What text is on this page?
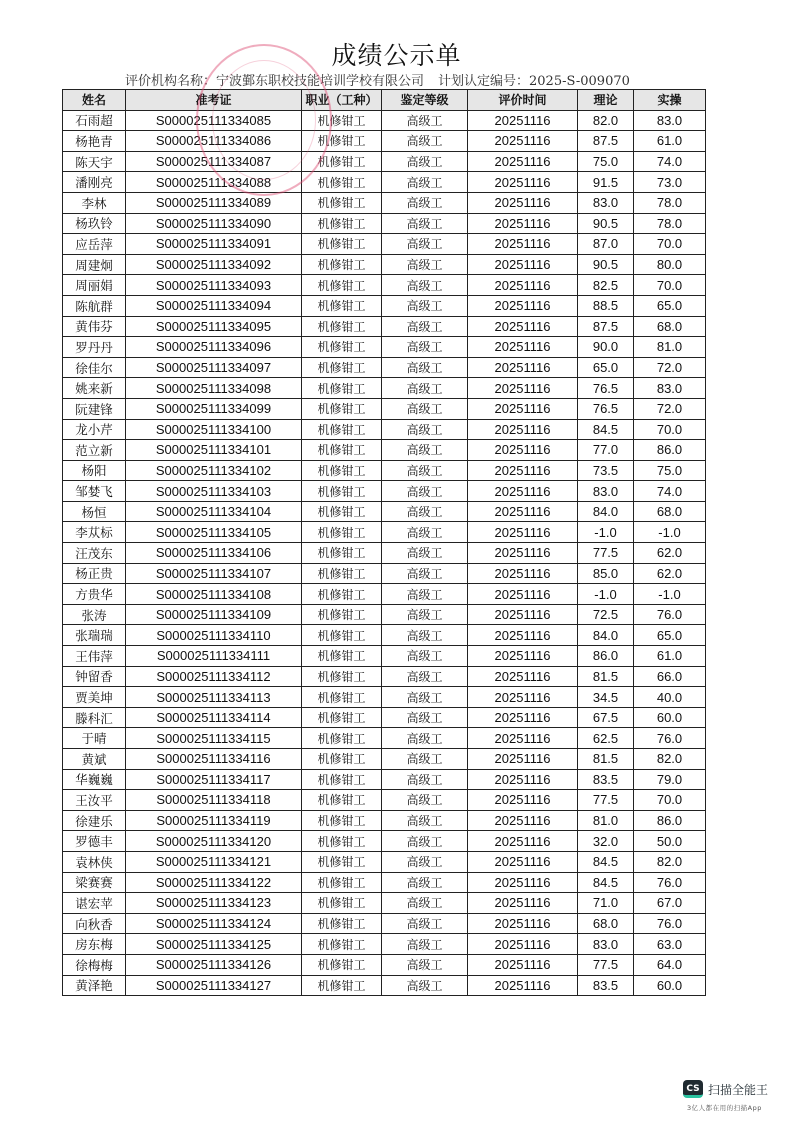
成绩公示单
评价机构名称：宁波鄞东职校技能培训学校有限公司 计划认定编号：2025-S-009070
姓名	准考证	职业（工种）	鉴定等级	评价时间	理论	实操
石雨超	S000025111334085	机修钳工	高级工	20251116	82.0	83.0
杨艳青	S000025111334086	机修钳工	高级工	20251116	87.5	61.0
陈天宇	S000025111334087	机修钳工	高级工	20251116	75.0	74.0
潘刚亮	S000025111334088	机修钳工	高级工	20251116	91.5	73.0
李林	S000025111334089	机修钳工	高级工	20251116	83.0	78.0
杨玖铃	S000025111334090	机修钳工	高级工	20251116	90.5	78.0
应岳萍	S000025111334091	机修钳工	高级工	20251116	87.0	70.0
周建炯	S000025111334092	机修钳工	高级工	20251116	90.5	80.0
周丽娟	S000025111334093	机修钳工	高级工	20251116	82.5	70.0
陈航群	S000025111334094	机修钳工	高级工	20251116	88.5	65.0
黄伟芬	S000025111334095	机修钳工	高级工	20251116	87.5	68.0
罗丹丹	S000025111334096	机修钳工	高级工	20251116	90.0	81.0
徐佳尔	S000025111334097	机修钳工	高级工	20251116	65.0	72.0
姚来新	S000025111334098	机修钳工	高级工	20251116	76.5	83.0
阮建锋	S000025111334099	机修钳工	高级工	20251116	76.5	72.0
龙小芹	S000025111334100	机修钳工	高级工	20251116	84.5	70.0
范立新	S000025111334101	机修钳工	高级工	20251116	77.0	86.0
杨阳	S000025111334102	机修钳工	高级工	20251116	73.5	75.0
邹婪飞	S000025111334103	机修钳工	高级工	20251116	83.0	74.0
杨恒	S000025111334104	机修钳工	高级工	20251116	84.0	68.0
李苁标	S000025111334105	机修钳工	高级工	20251116	-1.0	-1.0
汪茂东	S000025111334106	机修钳工	高级工	20251116	77.5	62.0
杨正贵	S000025111334107	机修钳工	高级工	20251116	85.0	62.0
方贵华	S000025111334108	机修钳工	高级工	20251116	-1.0	-1.0
张涛	S000025111334109	机修钳工	高级工	20251116	72.5	76.0
张瑞瑞	S000025111334110	机修钳工	高级工	20251116	84.0	65.0
王伟萍	S000025111334111	机修钳工	高级工	20251116	86.0	61.0
钟留香	S000025111334112	机修钳工	高级工	20251116	81.5	66.0
贾美坤	S000025111334113	机修钳工	高级工	20251116	34.5	40.0
滕科汇	S000025111334114	机修钳工	高级工	20251116	67.5	60.0
于晴	S000025111334115	机修钳工	高级工	20251116	62.5	76.0
黄斌	S000025111334116	机修钳工	高级工	20251116	81.5	82.0
华巍巍	S000025111334117	机修钳工	高级工	20251116	83.5	79.0
王汝平	S000025111334118	机修钳工	高级工	20251116	77.5	70.0
徐建乐	S000025111334119	机修钳工	高级工	20251116	81.0	86.0
罗德丰	S000025111334120	机修钳工	高级工	20251116	32.0	50.0
袁林侠	S000025111334121	机修钳工	高级工	20251116	84.5	82.0
梁赛赛	S000025111334122	机修钳工	高级工	20251116	84.5	76.0
谌宏苹	S000025111334123	机修钳工	高级工	20251116	71.0	67.0
向秋香	S000025111334124	机修钳工	高级工	20251116	68.0	76.0
房东梅	S000025111334125	机修钳工	高级工	20251116	83.0	63.0
徐梅梅	S000025111334126	机修钳工	高级工	20251116	77.5	64.0
黄泽艳	S000025111334127	机修钳工	高级工	20251116	83.5	60.0
CS 扫描全能王
3亿人都在用的扫描App
